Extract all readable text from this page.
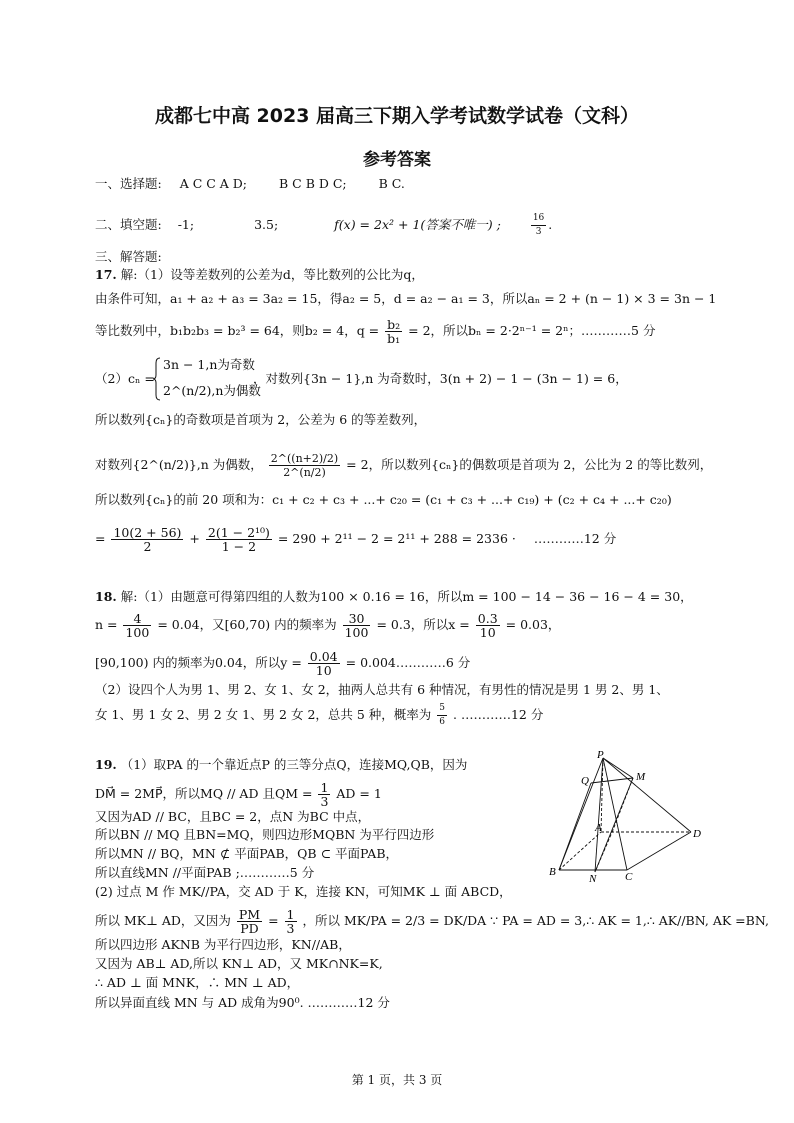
成都七中高 2023 届高三下期入学考试数学试卷（文科）
参考答案
一、选择题: A C C A D;	B C B D C;	B C.
二、填空题: -1;	3.5;	f(x) = 2x² + 1(答案不唯一) ;	$\frac{16}{3}$ .
三、解答题:
17. 解:（1）设等差数列的公差为d，等比数列的公比为q，
由条件可知，a₁ + a₂ + a₃ = 3a₂ = 15，得a₂ = 5，d = a₂ − a₁ = 3，所以aₙ = 2 + (n − 1) × 3 = 3n − 1
等比数列中，b₁b₂b₃ = b₂³ = 64，则b₂ = 4，$q = \frac{\text{b₂}}{\text{b₁}} = 2$，所以bₙ = 2·2ⁿ⁻¹ = 2ⁿ；…………5 分
（2）cₙ =
3n − 1,n为奇数
2^(n/2),n为偶数
，对数列{3n − 1},n 为奇数时，3(n + 2) − 1 − (3n − 1) = 6，
所以数列{cₙ}的奇数项是首项为 2，公差为 6 的等差数列，
对数列{2^(n/2)},n 为偶数， $\frac{2\^{}((n+2)/2)}{2\^{}(n/2)} = 2$，所以数列{cₙ}的偶数项是首项为 2，公比为 2 的等比数列，
所以数列{cₙ}的前 20 项和为：c₁ + c₂ + c₃ + ...+ c₂₀ = (c₁ + c₃ + ...+ c₁₉) + (c₂ + c₄ + ...+ c₂₀)
= $\frac{10(2 + 56)}{2} + \frac{\text{2(1 − 2¹⁰)}}{1 - 2} = 290 + 2^{11} - 2 = 2^{11} + 288 = 2336$ · …………12 分
18. 解:（1）由题意可得第四组的人数为100 × 0.16 = 16，所以m = 100 − 14 − 36 − 16 − 4 = 30，
$n = \frac{4}{100} = 0.04$，又[60,70) 内的频率为 $\frac{30}{100} = 0.3$，所以$x = \frac{0.3}{10} = 0.03$，
[90,100) 内的频率为0.04，所以$y = \frac{0.04}{10}$ = 0.004…………6 分
（2）设四个人为男 1、男 2、女 1、女 2，抽两人总共有 6 种情况，有男性的情况是男 1 男 2、男 1、
女 1、男 1 女 2、男 2 女 1、男 2 女 2，总共 5 种，概率为 $\frac{5}{6}$ . …………12 分
19. （1）取PA 的一个靠近点P 的三等分点Q，连接MQ,QB，因为
DM⃗ = 2MP⃗，所以MQ // AD 且QM = $\frac{1}{3}$ AD = 1
又因为AD // BC，且BC = 2，点N 为BC 中点，
所以BN // MQ 且BN=MQ，则四边形MQBN 为平行四边形
所以MN // BQ，MN ⊄ 平面PAB，QB ⊂ 平面PAB，
所以直线MN //平面PAB ;…………5 分
(2) 过点 M 作 MK//PA，交 AD 于 K，连接 KN，可知MK ⊥ 面 ABCD，
所以 MK⊥ AD，又因为 $\frac{PM}{PD} = \frac{1}{3}$ ，所以 MK/PA = 2/3 = DK/DA ∵ PA = AD = 3,∴ AK = 1,∴ AK//BN, AK =BN,
所以四边形 AKNB 为平行四边形，KN//AB，
又因为 AB⊥ AD,所以 KN⊥ AD，又 MK∩NK=K,
∴ AD ⊥ 面 MNK，∴ MN ⊥ AD，
所以异面直线 MN 与 AD 成角为90⁰. …………12 分
P
Q	M
A	D
B
N	C
第 1 页，共 3 页
